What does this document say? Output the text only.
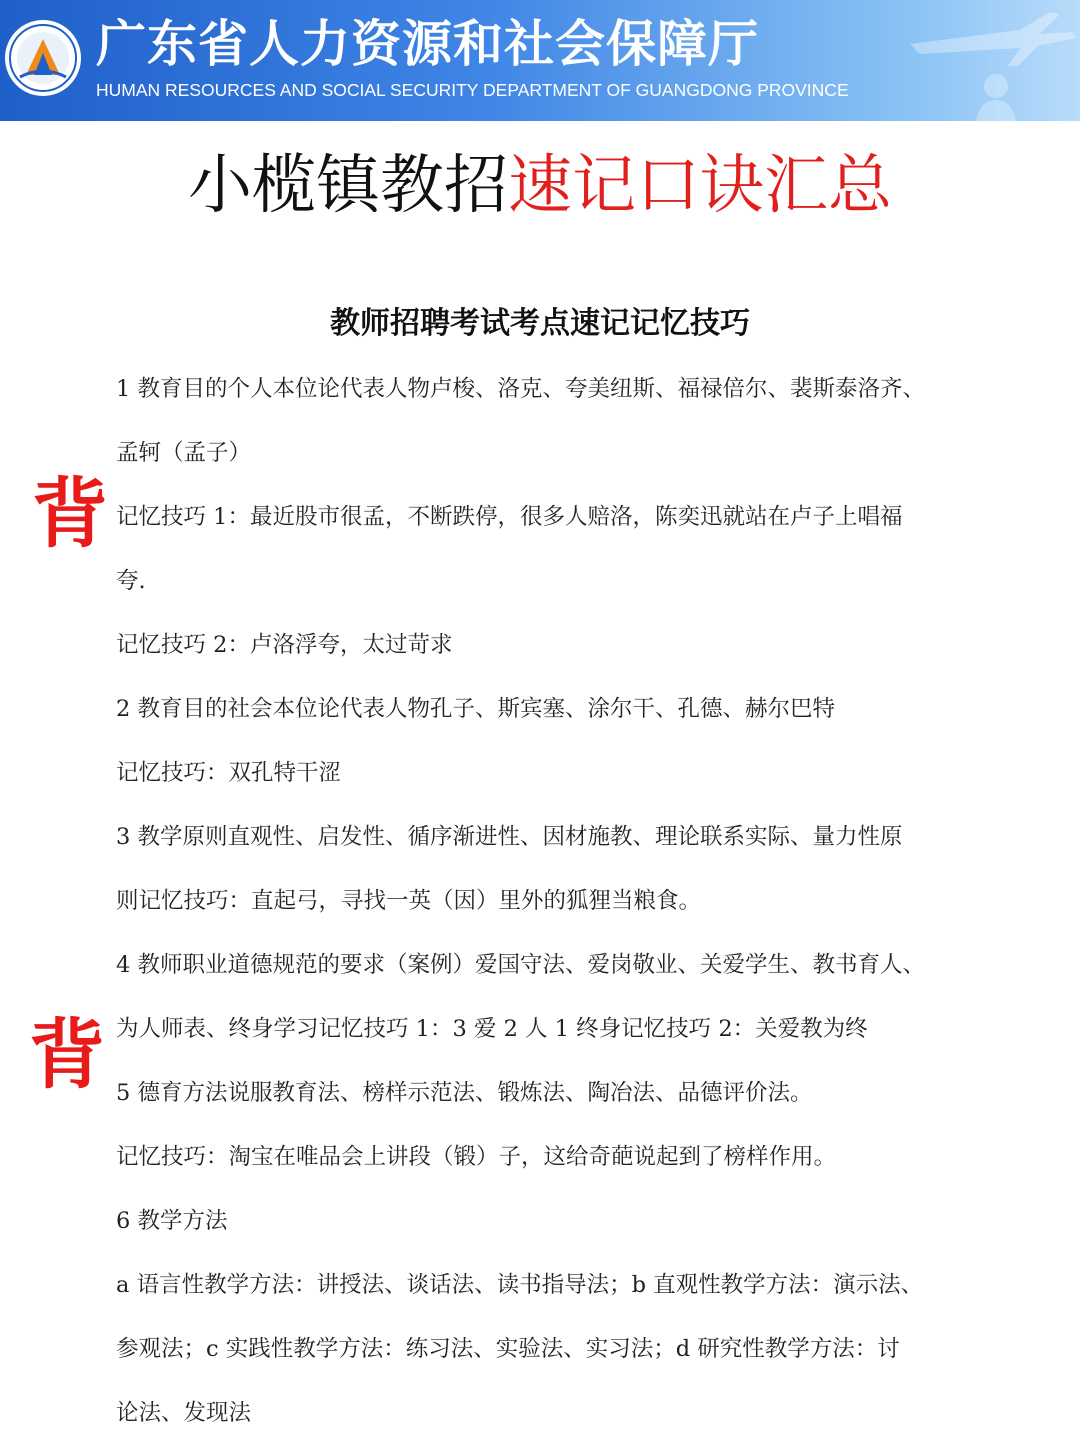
广东省人力资源和社会保障厅
HUMAN RESOURCES AND SOCIAL SECURITY DEPARTMENT OF GUANGDONG PROVINCE
小榄镇教招速记口诀汇总
教师招聘考试考点速记记忆技巧
背
背
1 教育目的个人本位论代表人物卢梭、洛克、夸美纽斯、福禄倍尔、裴斯泰洛齐、
孟轲（孟子）
记忆技巧 1：最近股市很孟，不断跌停，很多人赔洛，陈奕迅就站在卢子上唱福
夸.
记忆技巧 2：卢洛浮夸，太过苛求
2 教育目的社会本位论代表人物孔子、斯宾塞、涂尔干、孔德、赫尔巴特
记忆技巧：双孔特干涩
3 教学原则直观性、启发性、循序渐进性、因材施教、理论联系实际、量力性原
则记忆技巧：直起弓，寻找一英（因）里外的狐狸当粮食。
4 教师职业道德规范的要求（案例）爱国守法、爱岗敬业、关爱学生、教书育人、
为人师表、终身学习记忆技巧 1：3 爱 2 人 1 终身记忆技巧 2：关爱教为终
5 德育方法说服教育法、榜样示范法、锻炼法、陶冶法、品德评价法。
记忆技巧：淘宝在唯品会上讲段（锻）子，这给奇葩说起到了榜样作用。
6 教学方法
a 语言性教学方法：讲授法、谈话法、读书指导法；b 直观性教学方法：演示法、
参观法；c 实践性教学方法：练习法、实验法、实习法；d 研究性教学方法：讨
论法、发现法
